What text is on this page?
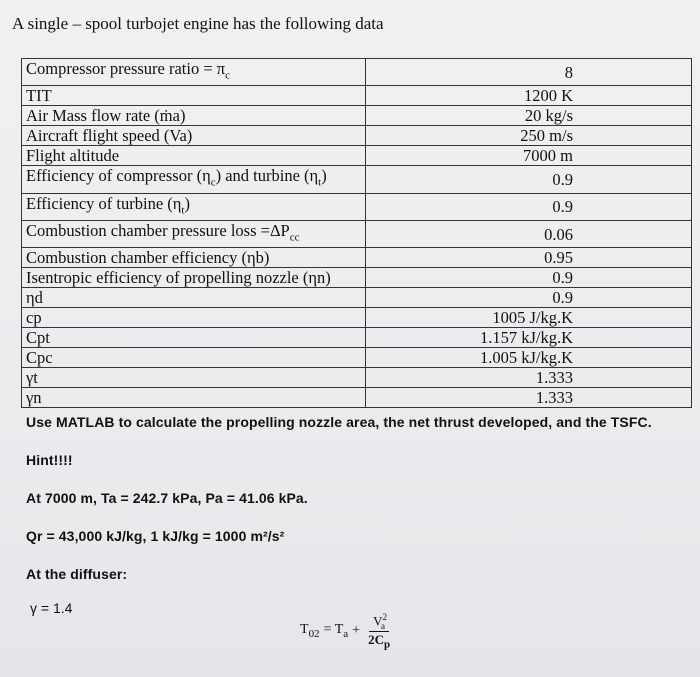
A single – spool turbojet engine has the following data
Compressor pressure ratio = $\pi_c$	8
TIT	1200 K
Air Mass flow rate (ṁa)	20 kg/s
Aircraft flight speed (Va)	250 m/s
Flight altitude	7000 m
Efficiency of compressor $(\eta_c)$ and turbine $(\eta_t)$	0.9
Efficiency of turbine $(\eta_t)$	0.9
Combustion chamber pressure loss $=\Delta P_{cc}$	0.06
Combustion chamber efficiency (ηb)	0.95
Isentropic efficiency of propelling nozzle (ηn)	0.9
ηd	0.9
cp	1005 J/kg.K
Cpt	1.157 kJ/kg.K
Cpc	1.005 kJ/kg.K
γt	1.333
γn	1.333
Use MATLAB to calculate the propelling nozzle area, the net thrust developed, and the TSFC.
Hint!!!!
At 7000 m, Ta = 242.7 kPa, Pa = 41.06 kPa.
Qr = 43,000 kJ/kg, 1 kJ/kg = 1000 m²/s²
At the diffuser:
γ = 1.4
$T_{02} = T_a + \frac{V^2_a}{2C_p}$
